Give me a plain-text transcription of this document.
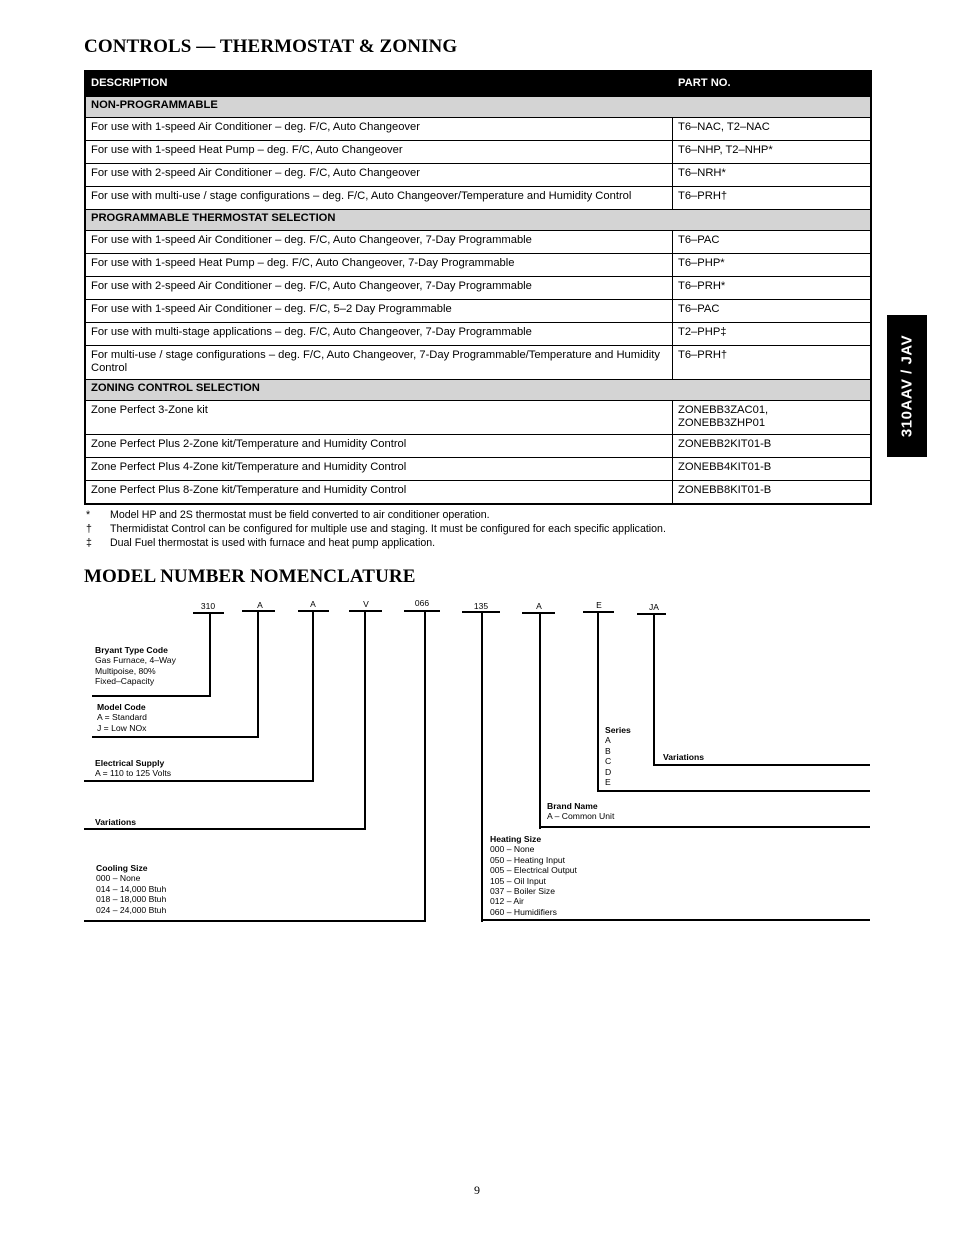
CONTROLS — THERMOSTAT & ZONING
DESCRIPTION	PART NO.
NON-PROGRAMMABLE	
For use with 1-speed Air Conditioner – deg. F/C, Auto Changeover	T6–NAC, T2–NAC
For use with 1-speed Heat Pump – deg. F/C, Auto Changeover	T6–NHP, T2–NHP*
For use with 2-speed Air Conditioner – deg. F/C, Auto Changeover	T6–NRH*
For use with multi-use / stage configurations – deg. F/C, Auto Changeover/Temperature and Humidity Control	T6–PRH†
PROGRAMMABLE THERMOSTAT SELECTION	
For use with 1-speed Air Conditioner – deg. F/C, Auto Changeover, 7-Day Programmable	T6–PAC
For use with 1-speed Heat Pump – deg. F/C, Auto Changeover, 7-Day Programmable	T6–PHP*
For use with 2-speed Air Conditioner – deg. F/C, Auto Changeover, 7-Day Programmable	T6–PRH*
For use with 1-speed Air Conditioner – deg. F/C, 5–2 Day Programmable	T6–PAC
For use with multi-stage applications – deg. F/C, Auto Changeover, 7-Day Programmable	T2–PHP‡
For multi-use / stage configurations – deg. F/C, Auto Changeover, 7-Day Programmable/Temperature and Humidity Control	T6–PRH†
ZONING CONTROL SELECTION	
Zone Perfect 3-Zone kit	ZONEBB3ZAC01,
ZONEBB3ZHP01
Zone Perfect Plus 2-Zone kit/Temperature and Humidity Control	ZONEBB2KIT01-B
Zone Perfect Plus 4-Zone kit/Temperature and Humidity Control	ZONEBB4KIT01-B
Zone Perfect Plus 8-Zone kit/Temperature and Humidity Control	ZONEBB8KIT01-B
*	Model HP and 2S thermostat must be field converted to air conditioner operation.
†	Thermidistat Control can be configured for multiple use and staging. It must be configured for each specific application.
‡	Dual Fuel thermostat is used with furnace and heat pump application.
310AAV / JAV
MODEL NUMBER NOMENCLATURE
310	A	A	V	066	135	A	E	JA
Bryant Type Code
Gas Furnace, 4–Way
Multipoise, 80%
Fixed–Capacity
Model Code
A = Standard
J = Low NOx
Electrical Supply
A = 110 to 125 Volts
Variations
Cooling Size
000 – None
014 – 14,000 Btuh
018 – 18,000 Btuh
024 – 24,000 Btuh
Heating Size
000 – None
050 – Heating Input
005 – Electrical Output
105 – Oil Input
037 – Boiler Size
012 – Air
060 – Humidifiers
Brand Name
A – Common Unit
Series
A
B
C
D
E
Variations
9
